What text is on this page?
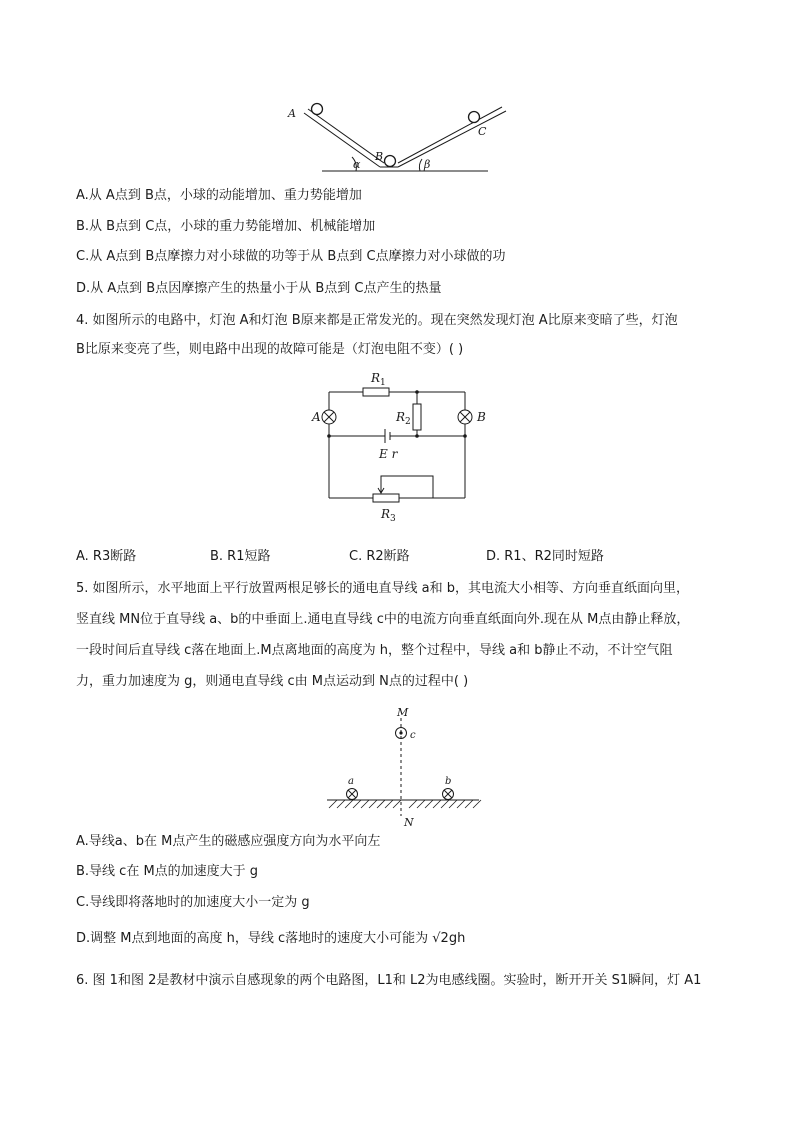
A
B
C
α	β
A.从 A点到 B点，小球的动能增加、重力势能增加
B.从 B点到 C点，小球的重力势能增加、机械能增加
C.从 A点到 B点摩擦力对小球做的功等于从 B点到 C点摩擦力对小球做的功
D.从 A点到 B点因摩擦产生的热量小于从 B点到 C点产生的热量
4. 如图所示的电路中，灯泡 A和灯泡 B原来都是正常发光的。现在突然发现灯泡 A比原来变暗了些，灯泡
B比原来变亮了些，则电路中出现的故障可能是（灯泡电阻不变）( )
A	B
$R_1$
$R_2$
E r
$R_3$
A. R3断路	B. R1短路	C. R2断路	D. R1、R2同时短路
5. 如图所示，水平地面上平行放置两根足够长的通电直导线 a和 b，其电流大小相等、方向垂直纸面向里，
竖直线 MN位于直导线 a、b的中垂面上.通电直导线 c中的电流方向垂直纸面向外.现在从 M点由静止释放，
一段时间后直导线 c落在地面上.M点离地面的高度为 h，整个过程中，导线 a和 b静止不动，不计空气阻
力，重力加速度为 g，则通电直导线 c由 M点运动到 N点的过程中( )
M
c
a	b
N
A.导线a、b在 M点产生的磁感应强度方向为水平向左
B.导线 c在 M点的加速度大于 g
C.导线即将落地时的加速度大小一定为 g
D.调整 M点到地面的高度 h，导线 c落地时的速度大小可能为 √2gh
6. 图 1和图 2是教材中演示自感现象的两个电路图，L1和 L2为电感线圈。实验时，断开开关 S1瞬间，灯 A1
